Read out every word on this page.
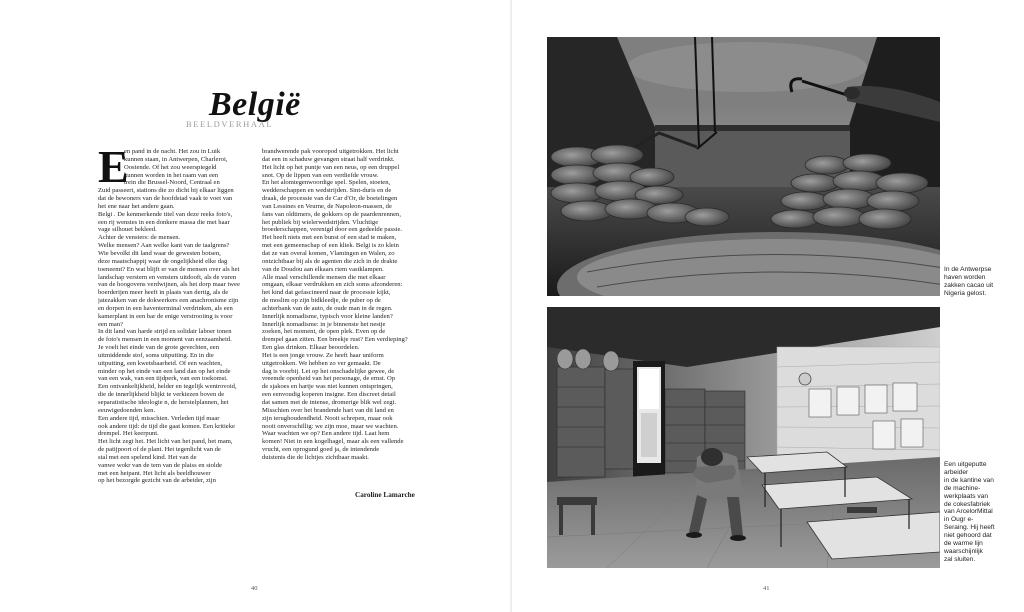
België
BEELDVERHAAL
E
en pand in de nacht. Het zou in Luik
kunnen staan, in Antwerpen, Charleroi,
Oostende. Of het zou weerspiegeld
kunnen worden in het raam van een
trein die Brussel-Noord, Centraal en
Zuid passeert, stations die zo dicht bij elkaar liggen
dat de bewoners van de hoofdstad vaak te voet van
het ene naar het andere gaan.
Belgi . De kenmerkende titel van deze reeks foto's,
een rij wenstes in een donkere massa die met haar
vage silhouet bekleed.
Achter de vensters: de mensen.
Welke mensen? Aan welke kant van de taalgrens?
Wie bevolkt dit land waar de gewesten botsen,
deze maatschappij waar de ongelijkheid elke dag
toeneemt? En wat blijft er van de mensen over als het
landschap verstern en vensters uitdooft, als de vuren
van de hoogovens verdwijnen, als het dorp maar twee
boerderijen meer heeft in plaats van dertig, als de
jatezakken van de dokwerkers een anachronisme zijn
en dorpen in een haventerminal verdrinken, als een
kamerplant in een bar de enige verstrooiing is voor
een man?
In dit land van harde strijd en solidair laboer tonen
de foto's mensen in een moment van eenzaamheid.
Je voelt het einde van de grote gevechten, een
uitmiddende stof, soms uitputting. En in die
uitputting, een kwetsbaarheid. Of een wachten,
minder op het einde van een land dan op het einde
van een wak, van een tijdperk, van een toekomst.
Een ontvankelijkheid, helder en tegelijk wentrovoid,
die de innerlijkheid blijkt te verkiezen boven de
separatistische ideologie n, de herstelplannen, het
eeuwigedoenden ken.
Een andere tijd, misschien. Verleden tijd maar
ook andere tijd: de tijd die gaat komen. Een kritieke
drempel. Het keerpunt.
Het licht zegt het. Het licht van het pand, het mam,
de patijpoort of de plant. Het tegenlicht van de
stal met een spelend kind. Het van de
vanwe wokr van de tem van de plaiss en stolde
met een heipant. Het licht als beeldhouwer
op het bezorgde gezicht van de arbeider, zijn
brandwerende pak vooropod uitgetrokken. Het licht
dat een in schaduw gevangen straat half verdrinkt.
Het licht op het puntje van een neus, op een druppel
snot. Op de lippen van een verdiefde vrouw.
En het alomtegenwoordige spel. Spelen, stoeten,
wedderschappen en wedstrijden. Sint-duris en de
draak, de processie van de Car d'Or, de boetelingen
van Lessines en Veurne, de Napoleon-massen, de
fans van oldtimers, de gokkers op de paardenrennen,
het publiek bij wielerwedstrijden. Vluchtige
broederschappen, verenigd door een gedeelde passie.
Het heeft niets met een bunst of een stad te maken,
met een gemeenschap of een kliek. Belgi is zo klein
dat ze van overal komen, Vlamingen en Walen, zo
ontzichtbaar bij als de agenten die zich in de drakte
van de Doudou aan elkaars riem vastklampen.
Alle maal verschillende mensen die met elkaar
omgaan, elkaar verdrukken en zich soms afzonderen:
het kind dat gefascineerd naar de processie kijkt,
de moslim op zijn bidkleedje, de puber op de
achterbank van de auto, de oude man in de regen.
Innerlijk nomadisme, typisch voor kleine landen?
Innerlijk nomadisme: in je binnenste het nestje
zoeken, het moment, de open plek. Even op de
drempel gaan zitten. Een breekje rust? Een verdieping?
Een glas drinken. Elkaar beoordelen.
Het is een jonge vrouw. Ze heeft haar uniform
uitgetrokken. We hebben zo ver gemaakt. De
dag is voorbij. Let op het onschadelijke gewee, de
vreemde openheid van het personage, de ernst. Op
de sjakoes en hartje was niet kunnen ontspringen,
een eenvoudig koperen insigne. Een discreet detail
dat samen met de intense, dromerige blik wel zegt.
Misschien over het brandende hart van dit land en
zijn terughoudendheid. Nooit schrepen, maar ook
nooit onverschillig: we zijn moe, maar we wachten.
Waar wachten we op? Een andere tijd. Laat hem
komen! Niet in een kogelhagel, maar als een vallende
vrucht, een oprogund goed ja, de intendende
duistenis die de lichtjes zichtbaar maakt.
Caroline Lamarche
40	41
In de Antwerpse
haven worden
zakken cacao uit
Nigeria gelost.
Een uitgeputte
arbeider
in de kantine van
de machine-
werkplaats van
de cokesfabriek
van ArcelorMittal
in Ougr e-
Seraing. Hij heeft
niet gehoord dat
de warme lijn
waarschijnlijk
zal sluiten.
